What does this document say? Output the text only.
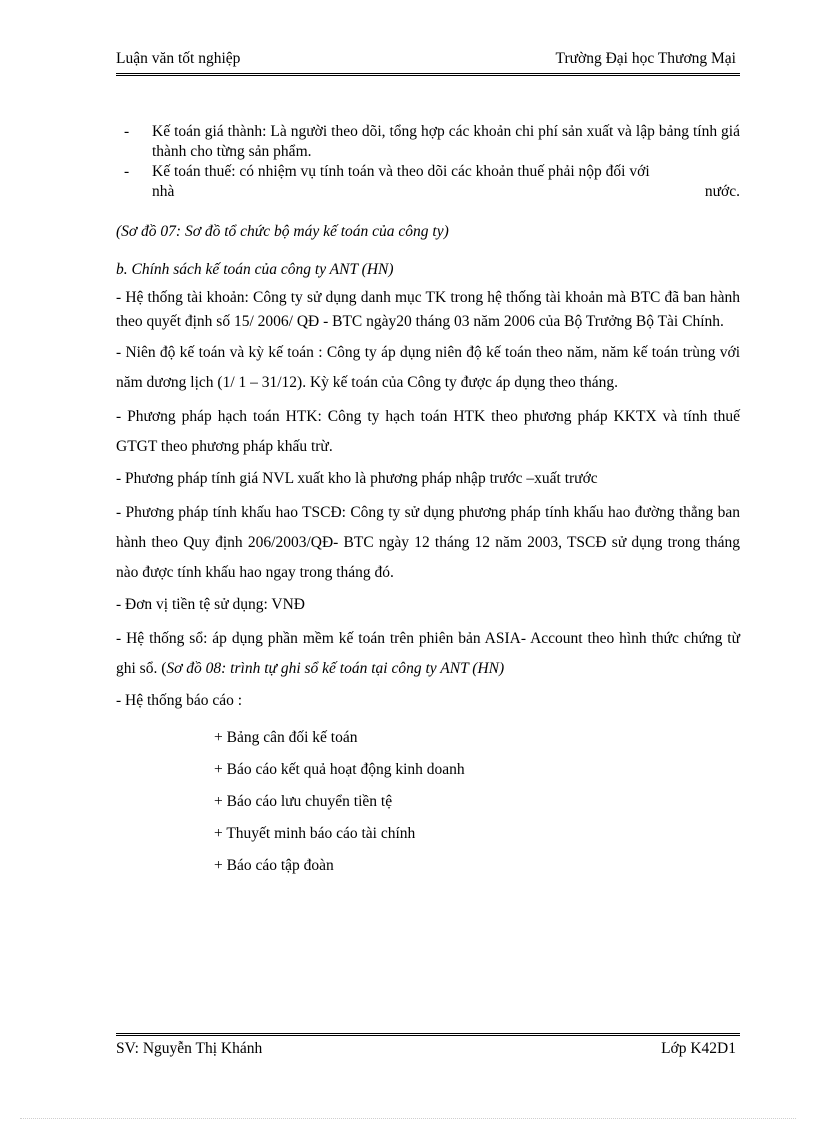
Luận văn tốt nghiệp	Trường Đại học Thương Mại
- Kế toán giá thành: Là người theo dõi, tổng hợp các khoản chi phí sản xuất và lập bảng tính giá thành cho từng sản phẩm.
- Kế toán thuế: có nhiệm vụ tính toán và theo dõi các khoản thuế phải nộp đối với
nhà	nước.
(Sơ đồ 07: Sơ đồ tổ chức bộ máy kế toán của công ty)
b. Chính sách kế toán của công ty ANT (HN)
- Hệ thống tài khoản: Công ty sử dụng danh mục TK trong hệ thống tài khoản mà BTC đã ban hành theo quyết định số 15/ 2006/ QĐ - BTC ngày20 tháng 03 năm 2006 của Bộ Trưởng Bộ Tài Chính.
- Niên độ kế toán và kỳ kế toán : Công ty áp dụng niên độ kế toán theo năm, năm kế toán trùng với năm dương lịch (1/ 1 – 31/12). Kỳ kế toán của Công ty được áp dụng theo tháng.
- Phương pháp hạch toán HTK: Công ty hạch toán HTK theo phương pháp KKTX và tính thuế GTGT theo phương pháp khấu trừ.
- Phương pháp tính giá NVL xuất kho là phương pháp nhập trước –xuất trước
- Phương pháp tính khấu hao TSCĐ: Công ty sử dụng phương pháp tính khấu hao đường thẳng ban hành theo Quy định 206/2003/QĐ- BTC ngày 12 tháng 12 năm 2003, TSCĐ sử dụng trong tháng nào được tính khấu hao ngay trong tháng đó.
- Đơn vị tiền tệ sử dụng: VNĐ
- Hệ thống sổ: áp dụng phần mềm kế toán trên phiên bản ASIA- Account theo hình thức chứng từ ghi sổ. (Sơ đồ 08: trình tự ghi sổ kế toán tại công ty ANT (HN)
- Hệ thống báo cáo :
+ Bảng cân đối kế toán
+ Báo cáo kết quả hoạt động kinh doanh
+ Báo cáo lưu chuyển tiền tệ
+ Thuyết minh báo cáo tài chính
+ Báo cáo tập đoàn
SV: Nguyễn Thị Khánh	Lớp K42D1
